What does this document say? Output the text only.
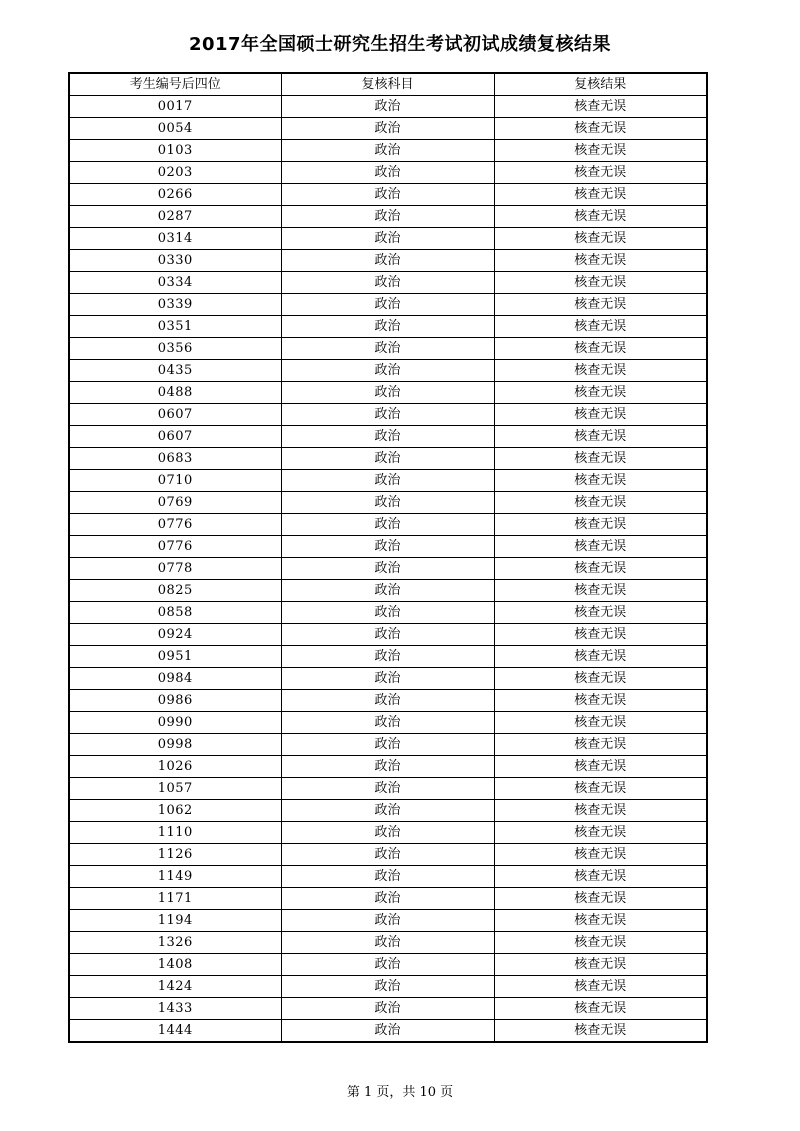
2017年全国硕士研究生招生考试初试成绩复核结果
考生编号后四位	复核科目	复核结果
0017	政治	核查无误
0054	政治	核查无误
0103	政治	核查无误
0203	政治	核查无误
0266	政治	核查无误
0287	政治	核查无误
0314	政治	核查无误
0330	政治	核查无误
0334	政治	核查无误
0339	政治	核查无误
0351	政治	核查无误
0356	政治	核查无误
0435	政治	核查无误
0488	政治	核查无误
0607	政治	核查无误
0607	政治	核查无误
0683	政治	核查无误
0710	政治	核查无误
0769	政治	核查无误
0776	政治	核查无误
0776	政治	核查无误
0778	政治	核查无误
0825	政治	核查无误
0858	政治	核查无误
0924	政治	核查无误
0951	政治	核查无误
0984	政治	核查无误
0986	政治	核查无误
0990	政治	核查无误
0998	政治	核查无误
1026	政治	核查无误
1057	政治	核查无误
1062	政治	核查无误
1110	政治	核查无误
1126	政治	核查无误
1149	政治	核查无误
1171	政治	核查无误
1194	政治	核查无误
1326	政治	核查无误
1408	政治	核查无误
1424	政治	核查无误
1433	政治	核查无误
1444	政治	核查无误
第 1 页，共 10 页
